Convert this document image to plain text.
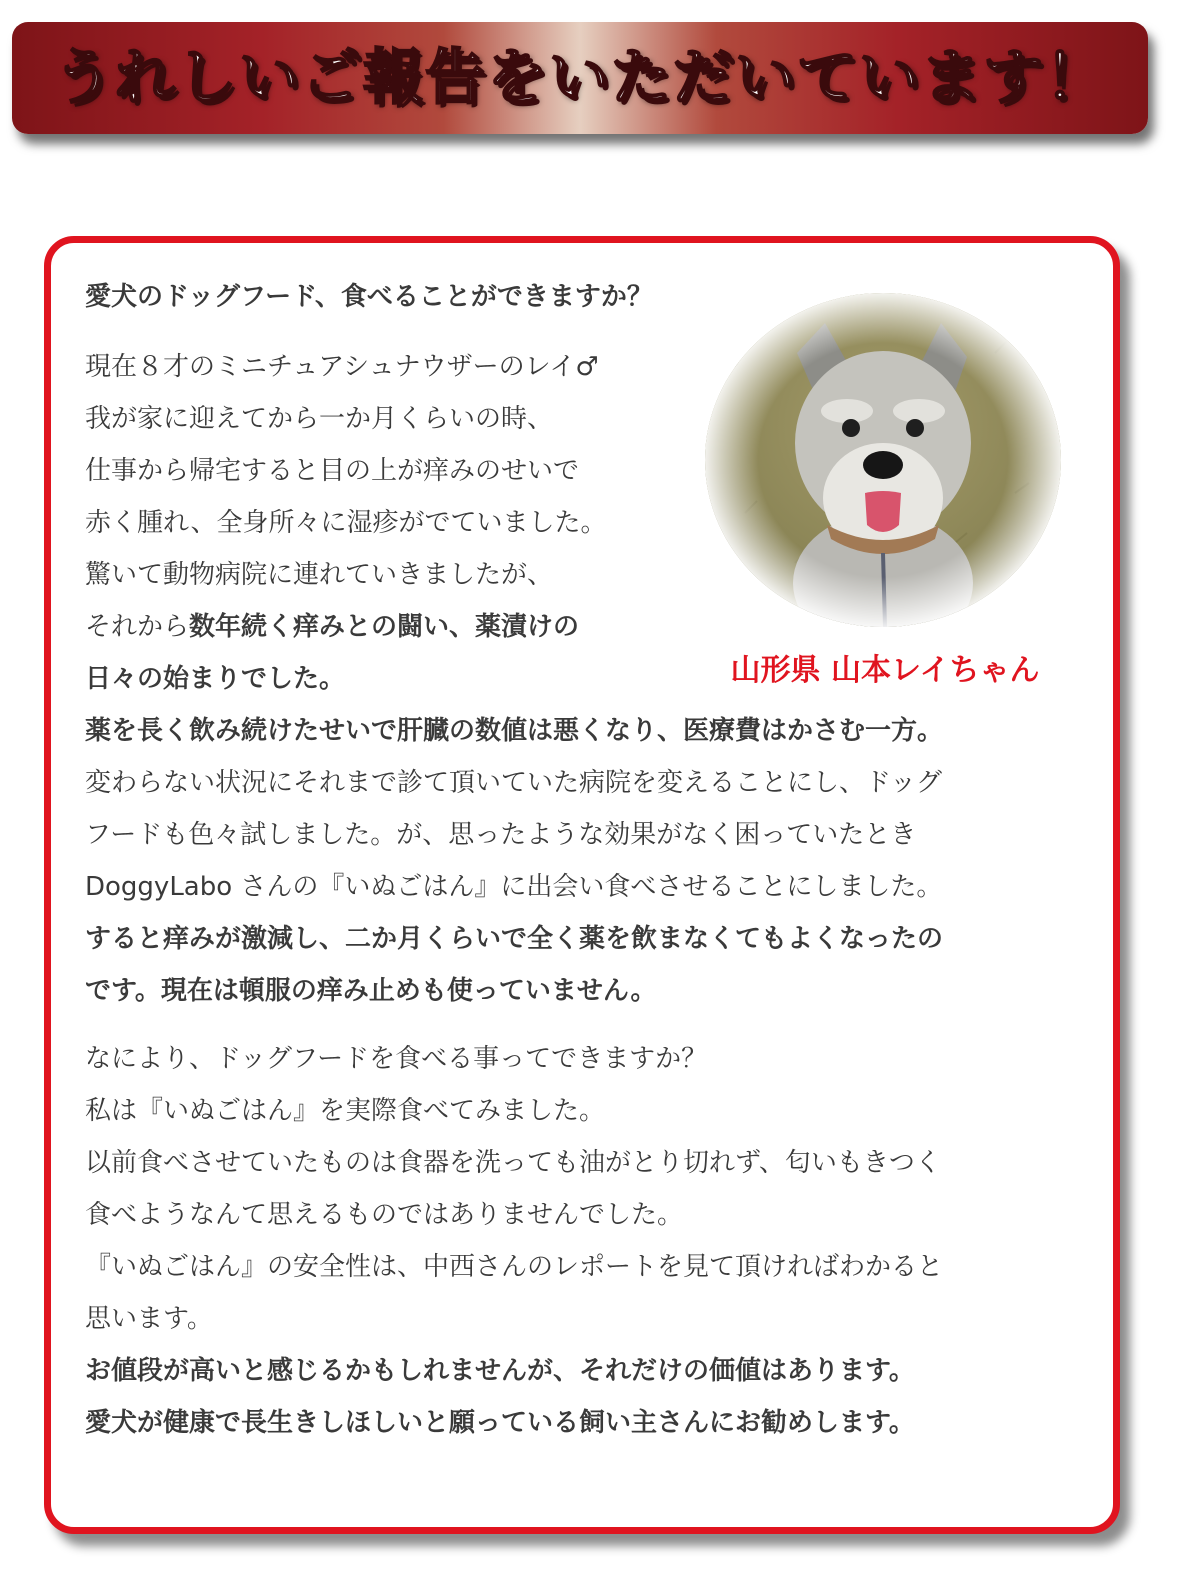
うれしいご報告をいただいています！

愛犬のドッグフード、食べることができますか？

現在８才のミニチュアシュナウザーのレイ♂
我が家に迎えてから一か月くらいの時、
仕事から帰宅すると目の上が痒みのせいで
赤く腫れ、全身所々に湿疹がでていました。
驚いて動物病院に連れていきましたが、
それから数年続く痒みとの闘い、薬漬けの
日々の始まりでした。
薬を長く飲み続けたせいで肝臓の数値は悪くなり、医療費はかさむ一方。
変わらない状況にそれまで診て頂いていた病院を変えることにし、ドッグ
フードも色々試しました。が、思ったような効果がなく困っていたとき
DoggyLabo さんの『いぬごはん』に出会い食べさせることにしました。
すると痒みが激減し、二か月くらいで全く薬を飲まなくてもよくなったの
です。現在は頓服の痒み止めも使っていません。

なにより、ドッグフードを食べる事ってできますか？
私は『いぬごはん』を実際食べてみました。
以前食べさせていたものは食器を洗っても油がとり切れず、匂いもきつく
食べようなんて思えるものではありませんでした。
『いぬごはん』の安全性は、中西さんのレポートを見て頂ければわかると
思います。
お値段が高いと感じるかもしれませんが、それだけの価値はあります。
愛犬が健康で長生きしほしいと願っている飼い主さんにお勧めします。

山形県 山本レイちゃん
